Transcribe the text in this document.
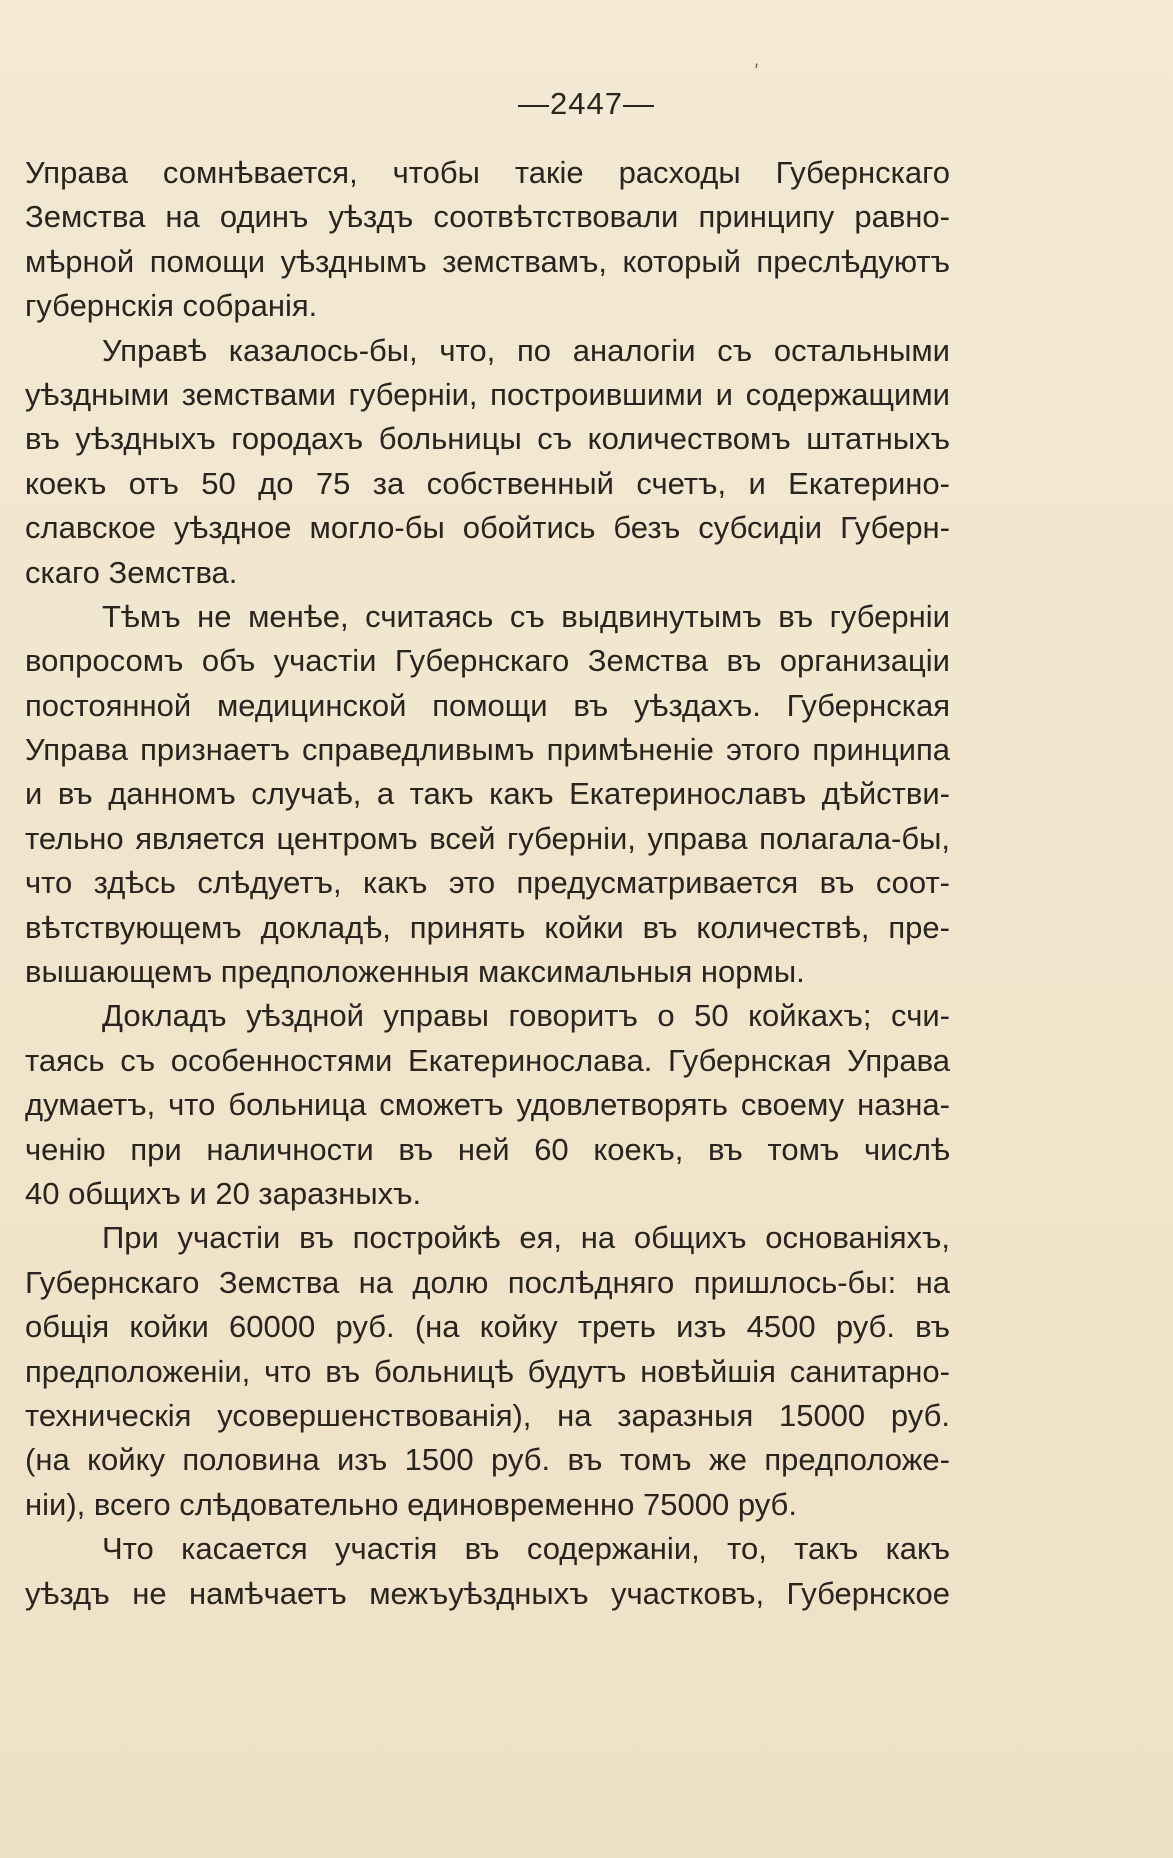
ʹ
—2447—
Управа сомнѣвается, чтобы такіе расходы Губернскаго
Земства на одинъ уѣздъ соотвѣтствовали принципу равно-
мѣрной помощи уѣзднымъ земствамъ, который преслѣдуютъ
губернскія собранія.
Управѣ казалось-бы, что, по аналогіи съ остальными
уѣздными земствами губерніи, построившими и содержащими
въ уѣздныхъ городахъ больницы съ количествомъ штатныхъ
коекъ отъ 50 до 75 за собственный счетъ, и Екатерино-
славское уѣздное могло-бы обойтись безъ субсидіи Губерн-
скаго Земства.
Тѣмъ не менѣе, считаясь съ выдвинутымъ въ губерніи
вопросомъ объ участіи Губернскаго Земства въ организаціи
постоянной медицинской помощи въ уѣздахъ. Губернская
Управа признаетъ справедливымъ примѣненіе этого принципа
и въ данномъ случаѣ, а такъ какъ Екатеринославъ дѣйстви-
тельно является центромъ всей губерніи, управа полагала-бы,
что здѣсь слѣдуетъ, какъ это предусматривается въ соот-
вѣтствующемъ докладѣ, принять койки въ количествѣ, пре-
вышающемъ предположенныя максимальныя нормы.
Докладъ уѣздной управы говоритъ о 50 койкахъ; счи-
таясь съ особенностями Екатеринослава. Губернская Управа
думаетъ, что больница сможетъ удовлетворять своему назна-
ченію при наличности въ ней 60 коекъ, въ томъ числѣ
40 общихъ и 20 заразныхъ.
При участіи въ постройкѣ ея, на общихъ основаніяхъ,
Губернскаго Земства на долю послѣдняго пришлось-бы: на
общія койки 60000 руб. (на койку треть изъ 4500 руб. въ
предположеніи, что въ больницѣ будутъ новѣйшія санитарно-
техническія усовершенствованія), на заразныя 15000 руб.
(на койку половина изъ 1500 руб. въ томъ же предположе-
ніи), всего слѣдовательно единовременно 75000 руб.
Что касается участія въ содержаніи, то, такъ какъ
уѣздъ не намѣчаетъ межъуѣздныхъ участковъ, Губернское
